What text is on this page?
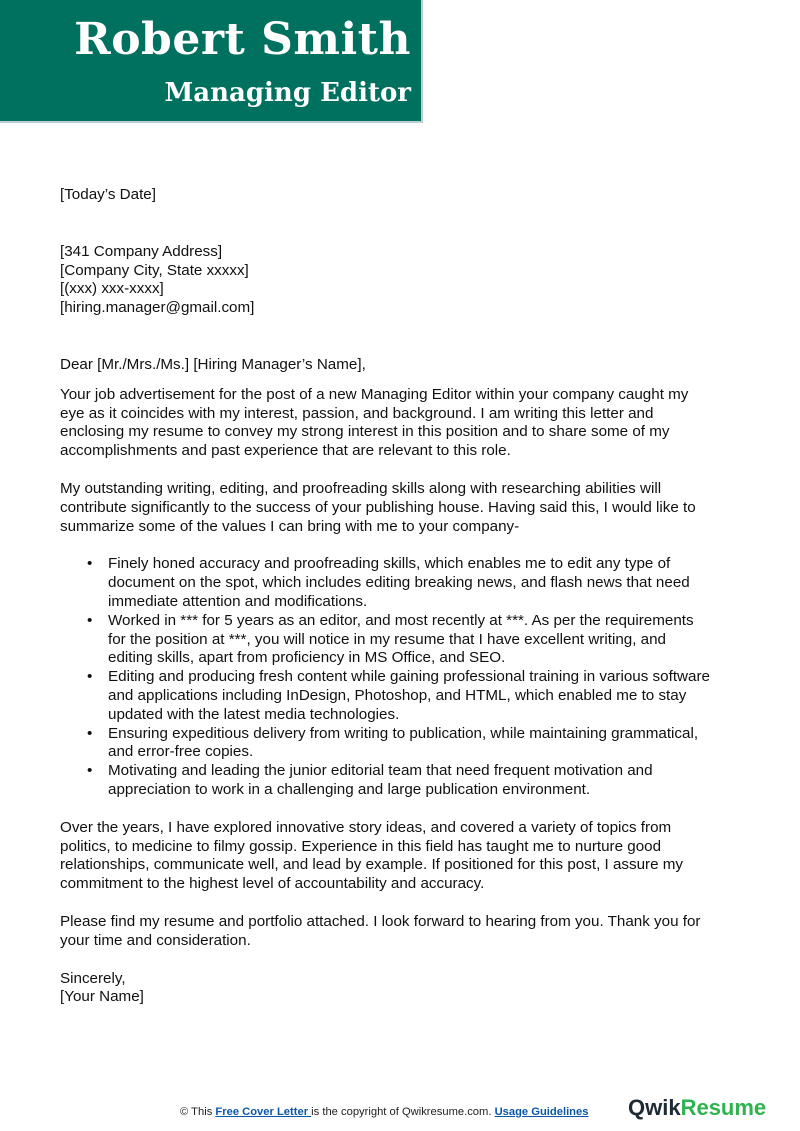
Robert Smith
Managing Editor
[Today’s Date]
[341 Company Address]
[Company City, State xxxxx]
[(xxx) xxx-xxxx]
[hiring.manager@gmail.com]
Dear [Mr./Mrs./Ms.] [Hiring Manager’s Name],
Your job advertisement for the post of a new Managing Editor within your company caught my
eye as it coincides with my interest, passion, and background. I am writing this letter and
enclosing my resume to convey my strong interest in this position and to share some of my
accomplishments and past experience that are relevant to this role.
My outstanding writing, editing, and proofreading skills along with researching abilities will
contribute significantly to the success of your publishing house. Having said this, I would like to
summarize some of the values I can bring with me to your company-
• Finely honed accuracy and proofreading skills, which enables me to edit any type of
document on the spot, which includes editing breaking news, and flash news that need
immediate attention and modifications.
• Worked in *** for 5 years as an editor, and most recently at ***. As per the requirements
for the position at ***, you will notice in my resume that I have excellent writing, and
editing skills, apart from proficiency in MS Office, and SEO.
• Editing and producing fresh content while gaining professional training in various software
and applications including InDesign, Photoshop, and HTML, which enabled me to stay
updated with the latest media technologies.
• Ensuring expeditious delivery from writing to publication, while maintaining grammatical,
and error-free copies.
• Motivating and leading the junior editorial team that need frequent motivation and
appreciation to work in a challenging and large publication environment.
Over the years, I have explored innovative story ideas, and covered a variety of topics from
politics, to medicine to filmy gossip. Experience in this field has taught me to nurture good
relationships, communicate well, and lead by example. If positioned for this post, I assure my
commitment to the highest level of accountability and accuracy.
Please find my resume and portfolio attached. I look forward to hearing from you. Thank you for
your time and consideration.
Sincerely,
[Your Name]
© This Free Cover Letter is the copyright of Qwikresume.com. Usage Guidelines QwikResume
